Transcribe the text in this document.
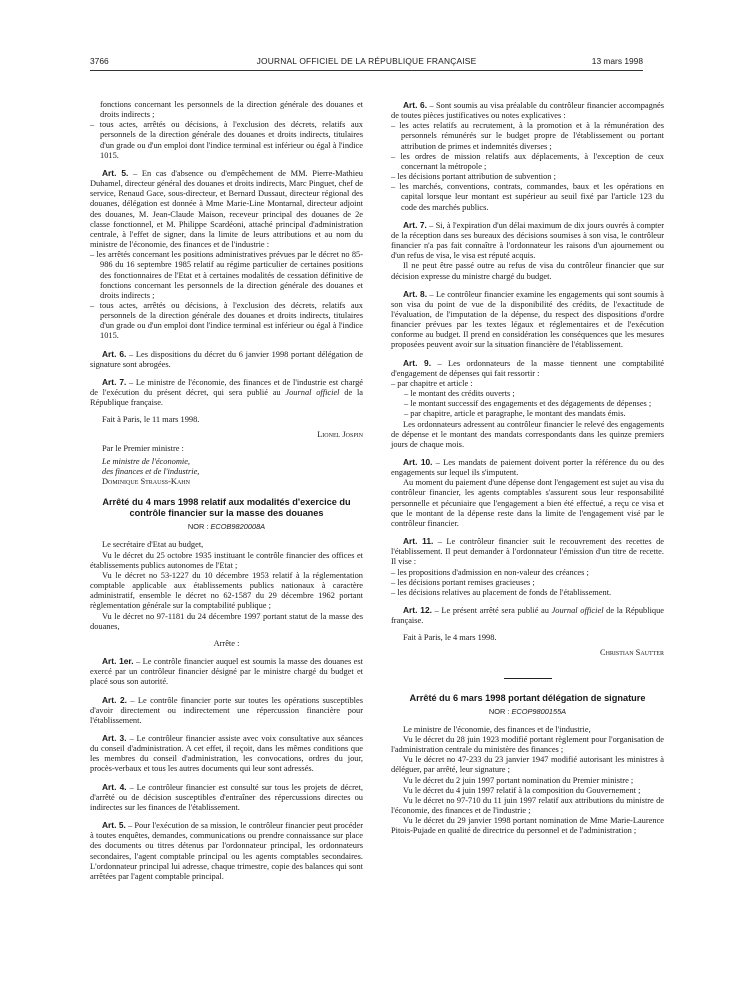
3766	JOURNAL OFFICIEL DE LA RÉPUBLIQUE FRANÇAISE	13 mars 1998

fonctions concernant les personnels de la direction générale des douanes et droits indirects ;

– tous actes, arrêtés ou décisions, à l'exclusion des décrets, relatifs aux personnels de la direction générale des douanes et droits indirects, titulaires d'un grade ou d'un emploi dont l'indice terminal est inférieur ou égal à l'indice 1015.

Art. 5. – En cas d'absence ou d'empêchement de MM. Pierre-Mathieu Duhamel, directeur général des douanes et droits indirects, Marc Pinguet, chef de service, Renaud Gace, sous-directeur, et Bernard Dussaut, directeur régional des douanes, délégation est donnée à Mme Marie-Line Montarnal, directeur adjoint des douanes, M. Jean-Claude Maison, receveur principal des douanes de 2e classe fonctionnel, et M. Philippe Scardéoni, attaché principal d'administration centrale, à l'effet de signer, dans la limite de leurs attributions et au nom du ministre de l'économie, des finances et de l'industrie :

– les arrêtés concernant les positions administratives prévues par le décret no 85-986 du 16 septembre 1985 relatif au régime particulier de certaines positions des fonctionnaires de l'Etat et à certaines modalités de cessation définitive de fonctions concernant les personnels de la direction générale des douanes et droits indirects ;

– tous actes, arrêtés ou décisions, à l'exclusion des décrets, relatifs aux personnels de la direction générale des douanes et droits indirects, titulaires d'un grade ou d'un emploi dont l'indice terminal est inférieur ou égal à l'indice 1015.

Art. 6. – Les dispositions du décret du 6 janvier 1998 portant délégation de signature sont abrogées.

Art. 7. – Le ministre de l'économie, des finances et de l'industrie est chargé de l'exécution du présent décret, qui sera publié au Journal officiel de la République française.

Fait à Paris, le 11 mars 1998.

Lionel Jospin

Par le Premier ministre :

Le ministre de l'économie,

des finances et de l'industrie,

Dominique Strauss-Kahn

Arrêté du 4 mars 1998 relatif aux modalités d'exercice du contrôle financier sur la masse des douanes

NOR : ECOB9820008A

Le secrétaire d'Etat au budget,

Vu le décret du 25 octobre 1935 instituant le contrôle financier des offices et établissements publics autonomes de l'Etat ;

Vu le décret no 53-1227 du 10 décembre 1953 relatif à la réglementation comptable applicable aux établissements publics nationaux à caractère administratif, ensemble le décret no 62-1587 du 29 décembre 1962 portant règlementation générale sur la comptabilité publique ;

Vu le décret no 97-1181 du 24 décembre 1997 portant statut de la masse des douanes,

Arrête :

Art. 1er. – Le contrôle financier auquel est soumis la masse des douanes est exercé par un contrôleur financier désigné par le ministre chargé du budget et placé sous son autorité.

Art. 2. – Le contrôle financier porte sur toutes les opérations susceptibles d'avoir directement ou indirectement une répercussion financière pour l'établissement.

Art. 3. – Le contrôleur financier assiste avec voix consultative aux séances du conseil d'administration. A cet effet, il reçoit, dans les mêmes conditions que les membres du conseil d'administration, les convocations, ordres du jour, procès-verbaux et tous les autres documents qui leur sont adressés.

Art. 4. – Le contrôleur financier est consulté sur tous les projets de décret, d'arrêté ou de décision susceptibles d'entraîner des répercussions directes ou indirectes sur les finances de l'établissement.

Art. 5. – Pour l'exécution de sa mission, le contrôleur financier peut procéder à toutes enquêtes, demandes, communications ou prendre connaissance sur place des documents ou titres détenus par l'ordonnateur principal, les ordonnateurs secondaires, l'agent comptable principal ou les agents comptables secondaires. L'ordonnateur principal lui adresse, chaque trimestre, copie des balances qui sont arrêtées par l'agent comptable principal.

Art. 6. – Sont soumis au visa préalable du contrôleur financier accompagnés de toutes pièces justificatives ou notes explicatives :

– les actes relatifs au recrutement, à la promotion et à la rémunération des personnels rémunérés sur le budget propre de l'établissement ou portant attribution de primes et indemnités diverses ;

– les ordres de mission relatifs aux déplacements, à l'exception de ceux concernant la métropole ;

– les décisions portant attribution de subvention ;

– les marchés, conventions, contrats, commandes, baux et les opérations en capital lorsque leur montant est supérieur au seuil fixé par l'article 123 du code des marchés publics.

Art. 7. – Si, à l'expiration d'un délai maximum de dix jours ouvrés à compter de la réception dans ses bureaux des décisions soumises à son visa, le contrôleur financier n'a pas fait connaître à l'ordonnateur les raisons d'un ajournement ou d'un refus de visa, le visa est réputé acquis.

Il ne peut être passé outre au refus de visa du contrôleur financier que sur décision expresse du ministre chargé du budget.

Art. 8. – Le contrôleur financier examine les engagements qui sont soumis à son visa du point de vue de la disponibilité des crédits, de l'exactitude de l'évaluation, de l'imputation de la dépense, du respect des dispositions d'ordre financier prévues par les textes légaux et réglementaires et de l'exécution conforme au budget. Il prend en considération les conséquences que les mesures proposées peuvent avoir sur la situation financière de l'établissement.

Art. 9. – Les ordonnateurs de la masse tiennent une comptabilité d'engagement de dépenses qui fait ressortir :

– par chapitre et article :

– le montant des crédits ouverts ;

– le montant successif des engagements et des dégagements de dépenses ;

– par chapitre, article et paragraphe, le montant des mandats émis.

Les ordonnateurs adressent au contrôleur financier le relevé des engagements de dépense et le montant des mandats correspondants dans les quinze premiers jours de chaque mois.

Art. 10. – Les mandats de paiement doivent porter la référence du ou des engagements sur lequel ils s'imputent.

Au moment du paiement d'une dépense dont l'engagement est sujet au visa du contrôleur financier, les agents comptables s'assurent sous leur responsabilité personnelle et pécuniaire que l'engagement a bien été effectué, a reçu ce visa et que le montant de la dépense reste dans la limite de l'engagement visé par le contrôleur financier.

Art. 11. – Le contrôleur financier suit le recouvrement des recettes de l'établissement. Il peut demander à l'ordonnateur l'émission d'un titre de recette. Il vise :

– les propositions d'admission en non-valeur des créances ;

– les décisions portant remises gracieuses ;

– les décisions relatives au placement de fonds de l'établissement.

Art. 12. – Le présent arrêté sera publié au Journal officiel de la République française.

Fait à Paris, le 4 mars 1998.

Christian Sautter

Arrêté du 6 mars 1998 portant délégation de signature

NOR : ECOP9800155A

Le ministre de l'économie, des finances et de l'industrie,

Vu le décret du 28 juin 1923 modifié portant règlement pour l'organisation de l'administration centrale du ministère des finances ;

Vu le décret no 47-233 du 23 janvier 1947 modifié autorisant les ministres à déléguer, par arrêté, leur signature ;

Vu le décret du 2 juin 1997 portant nomination du Premier ministre ;

Vu le décret du 4 juin 1997 relatif à la composition du Gouvernement ;

Vu le décret no 97-710 du 11 juin 1997 relatif aux attributions du ministre de l'économie, des finances et de l'industrie ;

Vu le décret du 29 janvier 1998 portant nomination de Mme Marie-Laurence Pitois-Pujade en qualité de directrice du personnel et de l'administration ;
